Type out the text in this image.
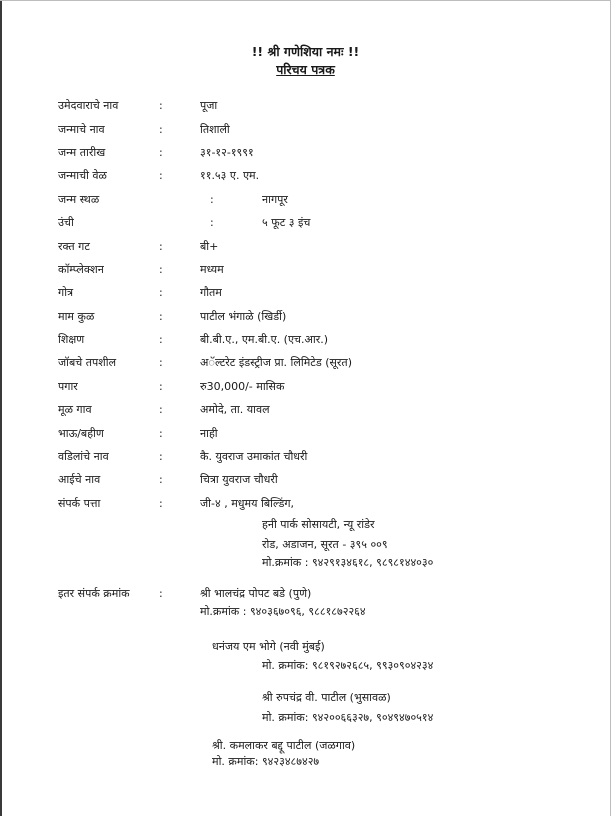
!! श्री गणेशिया नमः !!
परिचय पत्रक
उमेदवाराचे नाव	:	पूजा
जन्माचे नाव	:	तिशाली
जन्म तारीख	:	३१-१२-१९९१
जन्माची वेळ	:	११.५३ ए. एम.
जन्म स्थळ	:	नागपूर
उंची	:	५ फूट ३ इंच
रक्त गट	:	बी+
कॉम्प्लेक्शन	:	मध्यम
गोत्र	:	गौतम
माम कुळ	:	पाटील भंगाळे (खिर्डी)
शिक्षण	:	बी.बी.ए., एम.बी.ए. (एच.आर.)
जॉबचे तपशील	:	अॅल्टरेट इंडस्ट्रीज प्रा. लिमिटेड (सूरत)
पगार	:	रु30,000/- मासिक
मूळ गाव	:	अमोदे, ता. यावल
भाऊ/बहीण	:	नाही
वडिलांचे नाव	:	कै. युवराज उमाकांत चौधरी
आईचे नाव	:	चित्रा युवराज चौधरी
संपर्क पत्ता	:	जी-४ , मधुमय बिल्डिंग,
हनी पार्क सोसायटी, न्यू रांडेर
रोड, अडाजन, सूरत - ३९५ ००९
मो.क्रमांक : ९४२९१३४६१८, ९८९८१४४०३०
इतर संपर्क क्रमांक	:	श्री भालचंद्र पोपट बडे (पुणे)
मो.क्रमांक : ९४०३६७०९६, ९८८१८७२२६४
धनंजय एम भोगे (नवी मुंबई)
मो. क्रमांक: ९८१९२७२६८५, ९९३०९०४२३४
श्री रुपचंद्र वी. पाटील (भुसावळ)
मो. क्रमांक: ९४२००६६३२७, ९०४९४७०५१४
श्री. कमलाकर बद्दू पाटील (जळगाव)
मो. क्रमांक: ९४२३४८७४२७
